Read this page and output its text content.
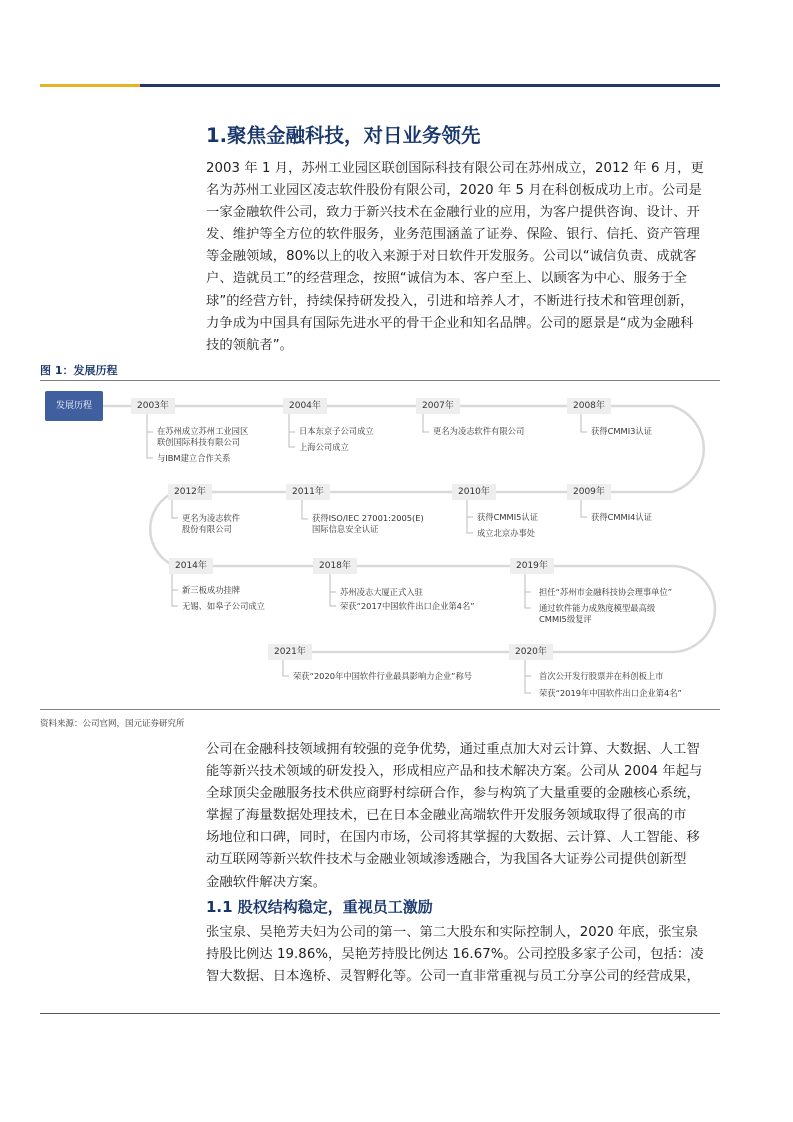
1.聚焦金融科技，对日业务领先
2003 年 1 月，苏州工业园区联创国际科技有限公司在苏州成立，2012 年 6 月，更
名为苏州工业园区凌志软件股份有限公司，2020 年 5 月在科创板成功上市。公司是
一家金融软件公司，致力于新兴技术在金融行业的应用，为客户提供咨询、设计、开
发、维护等全方位的软件服务，业务范围涵盖了证券、保险、银行、信托、资产管理
等金融领域，80%以上的收入来源于对日软件开发服务。公司以“诚信负责、成就客
户、造就员工”的经营理念，按照“诚信为本、客户至上、以顾客为中心、服务于全
球”的经营方针，持续保持研发投入，引进和培养人才，不断进行技术和管理创新，
力争成为中国具有国际先进水平的骨干企业和知名品牌。公司的愿景是“成为金融科
技的领航者”。
图 1：发展历程
发展历程	2003年
在苏州成立苏州工业园区
联创国际科技有限公司
与IBM建立合作关系
2004年
日本东京子公司成立
上海公司成立
2007年
更名为凌志软件有限公司
2008年
获得CMMI3认证
2009年
获得CMMI4认证
2010年
获得CMMI5认证
成立北京办事处
2011年
获得ISO/IEC 27001:2005(E)
国际信息安全认证
2012年
更名为凌志软件
股份有限公司
2014年
新三板成功挂牌
无锡、如皋子公司成立
2018年
苏州凌志大厦正式入驻
荣获“2017中国软件出口企业第4名”
2019年
担任“苏州市金融科技协会理事单位”
通过软件能力成熟度模型最高级
CMMI5级复评
2020年
首次公开发行股票并在科创板上市
荣获“2019年中国软件出口企业第4名”
2021年
荣获“2020年中国软件行业最具影响力企业”称号
资料来源：公司官网，国元证券研究所
公司在金融科技领域拥有较强的竞争优势，通过重点加大对云计算、大数据、人工智
能等新兴技术领域的研发投入，形成相应产品和技术解决方案。公司从 2004 年起与
全球顶尖金融服务技术供应商野村综研合作，参与构筑了大量重要的金融核心系统，
掌握了海量数据处理技术，已在日本金融业高端软件开发服务领域取得了很高的市
场地位和口碑，同时，在国内市场，公司将其掌握的大数据、云计算、人工智能、移
动互联网等新兴软件技术与金融业领域渗透融合，为我国各大证券公司提供创新型
金融软件解决方案。
1.1 股权结构稳定，重视员工激励
张宝泉、吴艳芳夫妇为公司的第一、第二大股东和实际控制人，2020 年底，张宝泉
持股比例达 19.86%，吴艳芳持股比例达 16.67%。公司控股多家子公司，包括：凌
智大数据、日本逸桥、灵智孵化等。公司一直非常重视与员工分享公司的经营成果，
